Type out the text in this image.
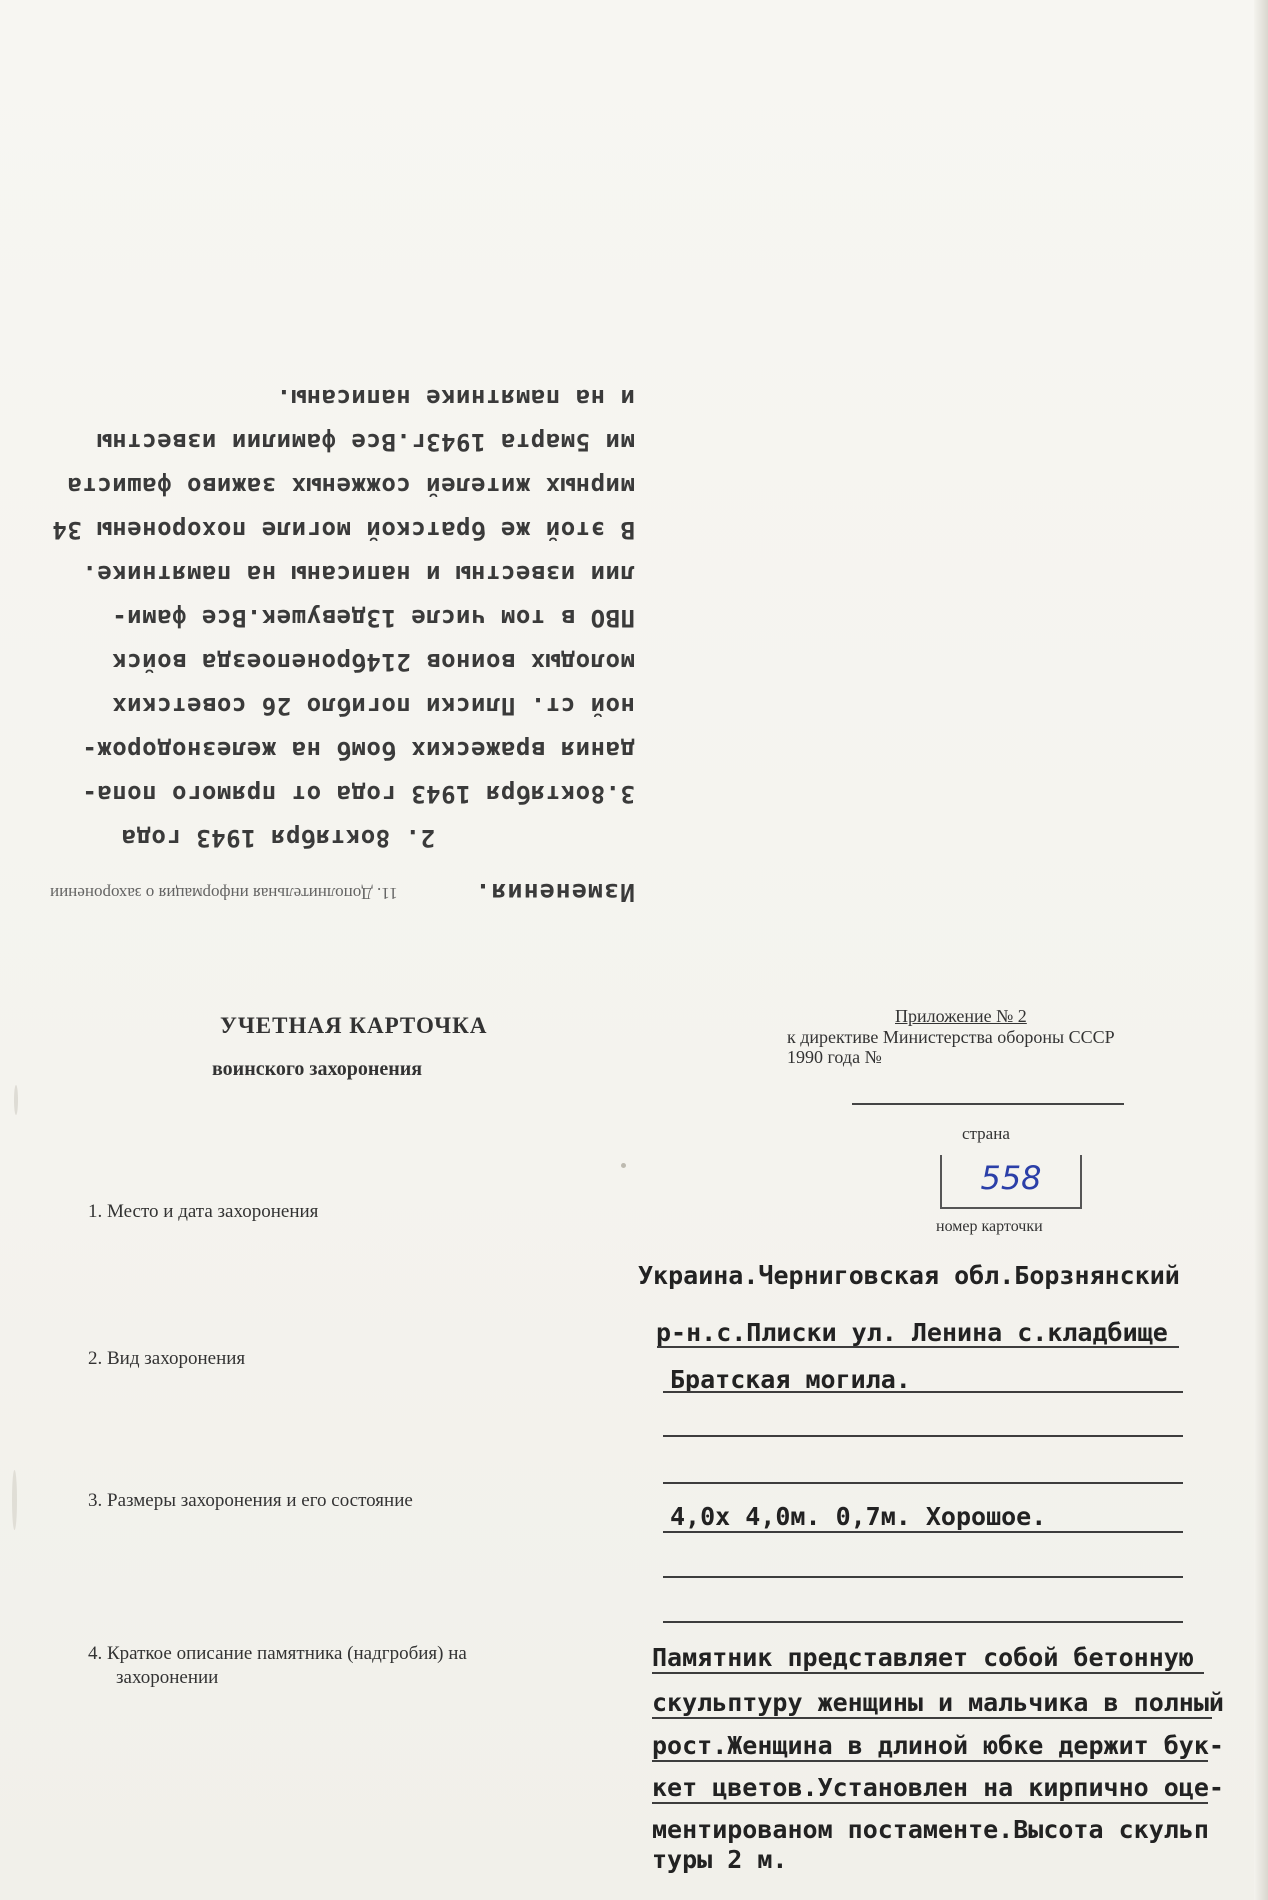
11. Дополнительная информация о захоронении	Изменения.
2. 8октября 1943 года
3.8октября 1943 года от прямого попа-
дания вражеских бомб на железнодорож-
ной ст. Плиски погибло 26 советских
молодых воинов 214бронепоезда войск
ПВО в том числе 13девушек.Все фами-
лии известны и написаны на памятнике.
В этой же братской могиле похоронены 34
мирных жителей сожженых заживо фашиста
ми 5марта 1943г.Все фамилии известны
и на памятнике написаны.
УЧЕТНАЯ КАРТОЧКА
воинского захоронения
Приложение № 2
к директиве Министерства обороны СССР
1990 года №
страна
558
номер карточки
1. Место и дата захоронения
Украина.Черниговская обл.Борзнянский
р-н.с.Плиски ул. Ленина с.кладбище
2. Вид захоронения
Братская могила.
3. Размеры захоронения и его состояние
4,0х 4,0м. 0,7м. Хорошое.
4. Краткое описание памятника (надгробия) на
захоронении
Памятник представляет собой бетонную
скульптуру женщины и мальчика в полный
рост.Женщина в длиной юбке держит бук-
кет цветов.Установлен на кирпично оце-
ментированом постаменте.Высота скульп
туры 2 м.
